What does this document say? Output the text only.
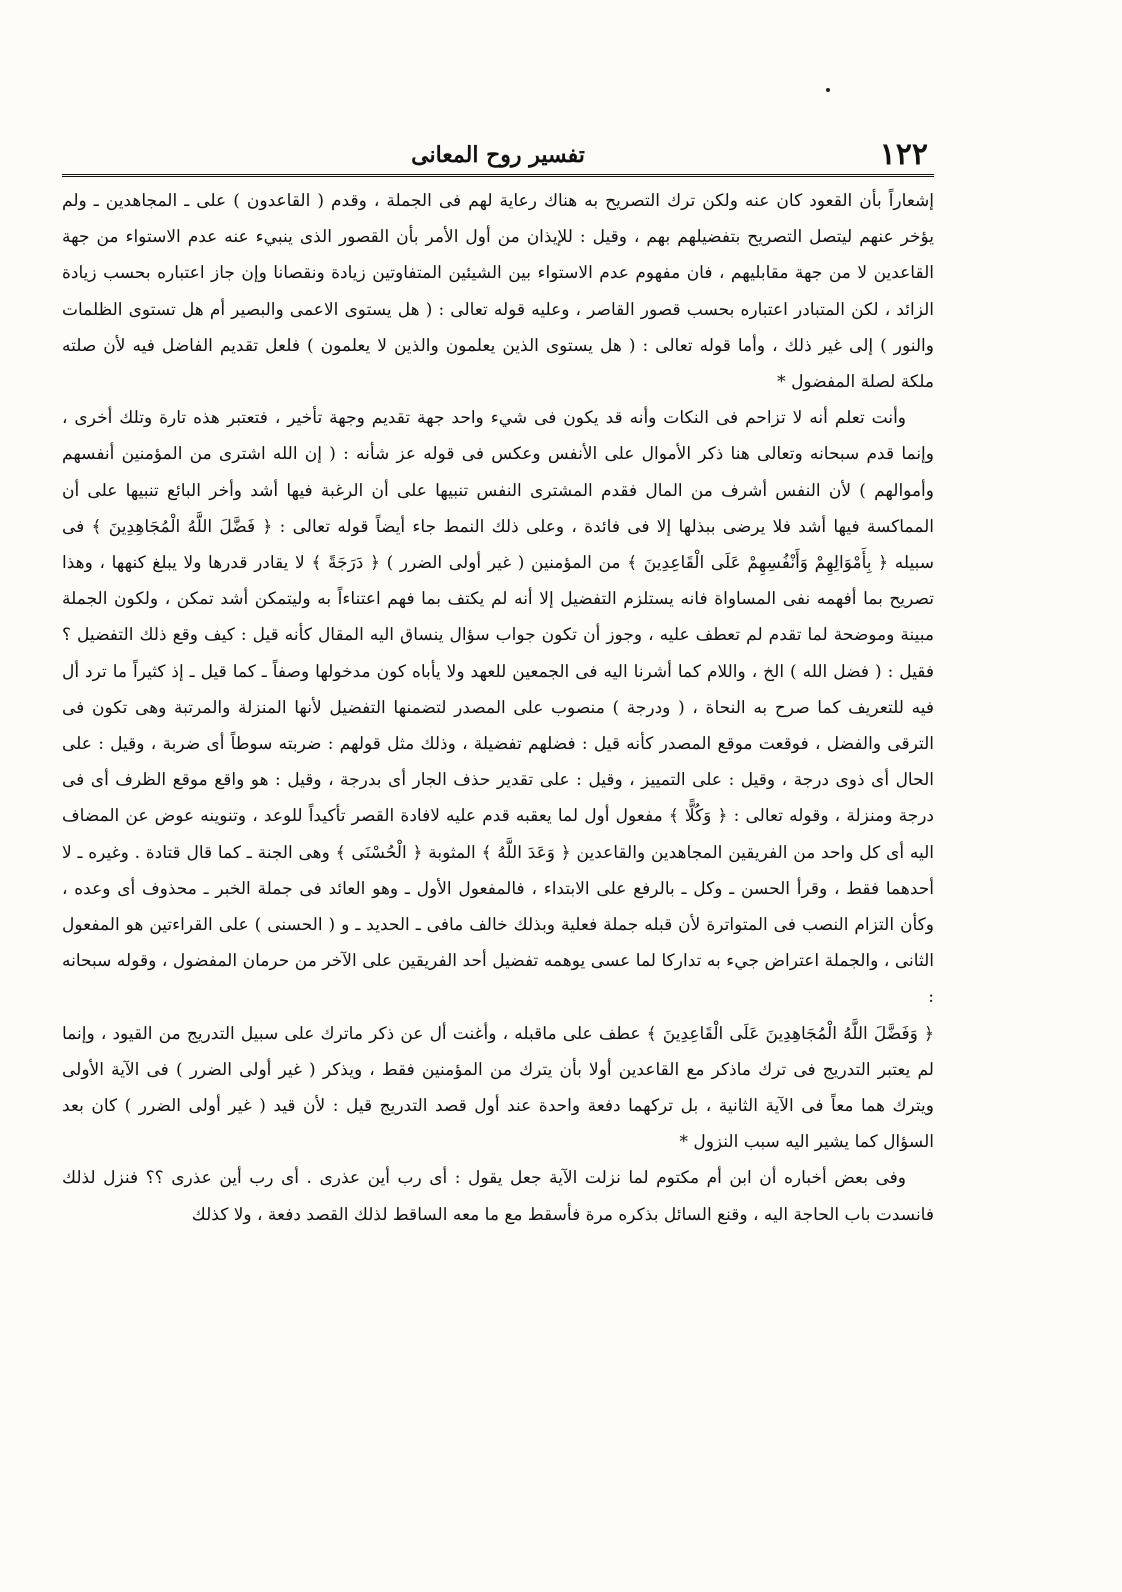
١٢٢
تفسير روح المعانى

إشعاراً بأن القعود كان عنه ولكن ترك التصريح به هناك رعاية لهم فى الجملة ، وقدم ( القاعدون ) على ـ المجاهدين ـ ولم يؤخر عنهم ليتصل التصريح بتفضيلهم بهم ، وقيل : للإيذان من أول الأمر بأن القصور الذى ينبيء عنه عدم الاستواء من جهة القاعدين لا من جهة مقابليهم ، فان مفهوم عدم الاستواء بين الشيئين المتفاوتين زيادة ونقصانا وإن جاز اعتباره بحسب زيادة الزائد ، لكن المتبادر اعتباره بحسب قصور القاصر ، وعليه قوله تعالى : ( هل يستوى الاعمى والبصير أم هل تستوى الظلمات والنور ) إلى غير ذلك ، وأما قوله تعالى : ( هل يستوى الذين يعلمون والذين لا يعلمون ) فلعل تقديم الفاضل فيه لأن صلته ملكة لصلة المفضول *

وأنت تعلم أنه لا تزاحم فى النكات وأنه قد يكون فى شيء واحد جهة تقديم وجهة تأخير ، فتعتبر هذه تارة وتلك أخرى ، وإنما قدم سبحانه وتعالى هنا ذكر الأموال على الأنفس وعكس فى قوله عز شأنه : ( إن الله اشترى من المؤمنين أنفسهم وأموالهم ) لأن النفس أشرف من المال فقدم المشترى النفس تنبيها على أن الرغبة فيها أشد وأخر البائع تنبيها على أن المماكسة فيها أشد فلا يرضى ببذلها إلا فى فائدة ، وعلى ذلك النمط جاء أيضاً قوله تعالى : ﴿ فَضَّلَ اللَّهُ الْمُجَاهِدِينَ ﴾ فى سبيله ﴿ بِأَمْوَالِهِمْ وَأَنْفُسِهِمْ عَلَى الْقَاعِدِينَ ﴾ من المؤمنين ( غير أولى الضرر ) ﴿ دَرَجَةً ﴾ لا يقادر قدرها ولا يبلغ كنهها ، وهذا تصريح بما أفهمه نفى المساواة فانه يستلزم التفضيل إلا أنه لم يكتف بما فهم اعتناءاً به وليتمكن أشد تمكن ، ولكون الجملة مبينة وموضحة لما تقدم لم تعطف عليه ، وجوز أن تكون جواب سؤال ينساق اليه المقال كأنه قيل : كيف وقع ذلك التفضيل ؟ فقيل : ( فضل الله ) الخ ، واللام كما أشرنا اليه فى الجمعين للعهد ولا يأباه كون مدخولها وصفاً ـ كما قيل ـ إذ كثيراً ما ترد أل فيه للتعريف كما صرح به النحاة ، ( ودرجة ) منصوب على المصدر لتضمنها التفضيل لأنها المنزلة والمرتبة وهى تكون فى الترقى والفضل ، فوقعت موقع المصدر كأنه قيل : فضلهم تفضيلة ، وذلك مثل قولهم : ضربته سوطاً أى ضربة ، وقيل : على الحال أى ذوى درجة ، وقيل : على التمييز ، وقيل : على تقدير حذف الجار أى بدرجة ، وقيل : هو واقع موقع الظرف أى فى درجة ومنزلة ، وقوله تعالى : ﴿ وَكُلًّا ﴾ مفعول أول لما يعقبه قدم عليه لافادة القصر تأكيداً للوعد ، وتنوينه عوض عن المضاف اليه أى كل واحد من الفريقين المجاهدين والقاعدين ﴿ وَعَدَ اللَّهُ ﴾ المثوبة ﴿ الْحُسْنَى ﴾ وهى الجنة ـ كما قال قتادة . وغيره ـ لا أحدهما فقط ، وقرأ الحسن ـ وكل ـ بالرفع على الابتداء ، فالمفعول الأول ـ وهو العائد فى جملة الخبر ـ محذوف أى وعده ، وكأن التزام النصب فى المتواترة لأن قبله جملة فعلية وبذلك خالف مافى ـ الحديد ـ و ( الحسنى ) على القراءتين هو المفعول الثانى ، والجملة اعتراض جيء به تداركا لما عسى يوهمه تفضيل أحد الفريقين على الآخر من حرمان المفضول ، وقوله سبحانه :

﴿ وَفَضَّلَ اللَّهُ الْمُجَاهِدِينَ عَلَى الْقَاعِدِينَ ﴾ عطف على ماقبله ، وأغنت أل عن ذكر ماترك على سبيل التدريج من القيود ، وإنما لم يعتبر التدريج فى ترك ماذكر مع القاعدين أولا بأن يترك من المؤمنين فقط ، ويذكر ( غير أولى الضرر ) فى الآية الأولى ويترك هما معاً فى الآية الثانية ، بل تركهما دفعة واحدة عند أول قصد التدريج قيل : لأن قيد ( غير أولى الضرر ) كان بعد السؤال كما يشير اليه سبب النزول *

وفى بعض أخباره أن ابن أم مكتوم لما نزلت الآية جعل يقول : أى رب أين عذرى . أى رب أين عذرى ؟؟ فنزل لذلك فانسدت باب الحاجة اليه ، وقنع السائل بذكره مرة فأسقط مع ما معه الساقط لذلك القصد دفعة ، ولا كذلك
